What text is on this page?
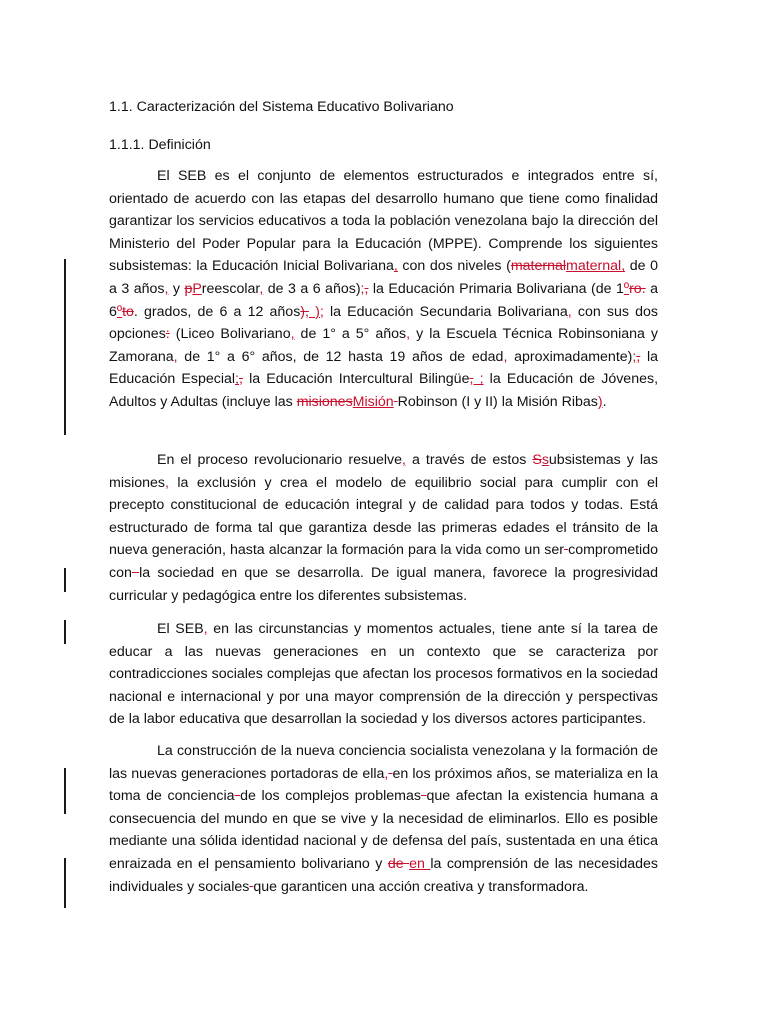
1.1. Caracterización del Sistema Educativo Bolivariano
1.1.1. Definición

El SEB es el conjunto de elementos estructurados e integrados entre sí, orientado de acuerdo con las etapas del desarrollo humano que tiene como finalidad garantizar los servicios educativos a toda la población venezolana bajo la dirección del Ministerio del Poder Popular para la Educación (MPPE). Comprende los siguientes subsistemas: la Educación Inicial Bolivariana, con dos niveles (maternalmaternal, de 0 a 3 años, y pPreescolar, de 3 a 6 años);, la Educación Primaria Bolivariana (de 1ºro. a 6ºto. grados, de 6 a 12 años), ); la Educación Secundaria Bolivariana, con sus dos opciones: (Liceo Bolivariano, de 1° a 5° años, y la Escuela Técnica Robinsoniana y Zamorana, de 1° a 6° años, de 12 hasta 19 años de edad, aproximadamente);, la Educación Especial;, la Educación Intercultural Bilingüe, ; la Educación de Jóvenes, Adultos y Adultas (incluye las misionesMisión Robinson (I y II) la Misión Ribas).

En el proceso revolucionario resuelve, a través de estos Ssubsistemas y las misiones, la exclusión y crea el modelo de equilibrio social para cumplir con el precepto constitucional de educación integral y de calidad para todos y todas. Está estructurado de forma tal que garantiza desde las primeras edades el tránsito de la nueva generación, hasta alcanzar la formación para la vida como un ser comprometido con la sociedad en que se desarrolla. De igual manera, favorece la progresividad curricular y pedagógica entre los diferentes subsistemas.

El SEB, en las circunstancias y momentos actuales, tiene ante sí la tarea de educar a las nuevas generaciones en un contexto que se caracteriza por contradicciones sociales complejas que afectan los procesos formativos en la sociedad nacional e internacional y por una mayor comprensión de la dirección y perspectivas de la labor educativa que desarrollan la sociedad y los diversos actores participantes.

La construcción de la nueva conciencia socialista venezolana y la formación de las nuevas generaciones portadoras de ella, en los próximos años, se materializa en la toma de conciencia de los complejos problemas que afectan la existencia humana a consecuencia del mundo en que se vive y la necesidad de eliminarlos. Ello es posible mediante una sólida identidad nacional y de defensa del país, sustentada en una ética enraizada en el pensamiento bolivariano y de en la comprensión de las necesidades individuales y sociales que garanticen una acción creativa y transformadora.
